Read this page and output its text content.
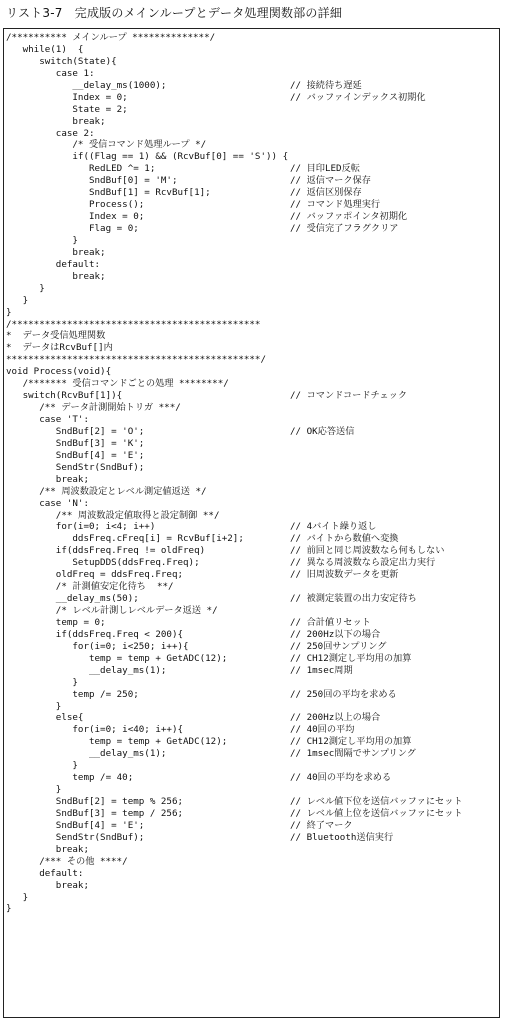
リスト3-7　完成版のメインループとデータ処理関数部の詳細
/********** メインループ **************/
while(1)  {
switch(State){
case 1:
__delay_ms(1000);	// 接続待ち遅延
Index = 0;	// バッファインデックス初期化
State = 2;
break;
case 2:
/* 受信コマンド処理ループ */
if((Flag == 1) && (RcvBuf[0] == 'S')) {
RedLED ^= 1;	// 目印LED反転
SndBuf[0] = 'M';	// 返信マーク保存
SndBuf[1] = RcvBuf[1];	// 返信区別保存
Process();	// コマンド処理実行
Index = 0;	// バッファポインタ初期化
Flag = 0;	// 受信完了フラグクリア
}
break;
default:
break;
}
}
}
/*********************************************
*  データ受信処理関数
*  データはRcvBuf[]内
**********************************************/
void Process(void){
/******* 受信コマンドごとの処理 ********/
switch(RcvBuf[1]){	// コマンドコードチェック
/** データ計測開始トリガ ***/
case 'T':
SndBuf[2] = 'O';	// OK応答送信
SndBuf[3] = 'K';
SndBuf[4] = 'E';
SendStr(SndBuf);
break;
/** 周波数設定とレベル測定値返送 */
case 'N':
/** 周波数設定値取得と設定制御 **/
for(i=0; i<4; i++)	// 4バイト繰り返し
ddsFreq.cFreq[i] = RcvBuf[i+2];	// バイトから数値へ変換
if(ddsFreq.Freq != oldFreq)	// 前回と同じ周波数なら何もしない
SetupDDS(ddsFreq.Freq);	// 異なる周波数なら設定出力実行
oldFreq = ddsFreq.Freq;	// 旧周波数データを更新
/* 計測値安定化待ち  **/
__delay_ms(50);	// 被測定装置の出力安定待ち
/* レベル計測しレベルデータ返送 */
temp = 0;	// 合計値リセット
if(ddsFreq.Freq < 200){	// 200Hz以下の場合
for(i=0; i<250; i++){	// 250回サンプリング
temp = temp + GetADC(12);	// CH12測定し平均用の加算
__delay_ms(1);	// 1msec周期
}
temp /= 250;	// 250回の平均を求める
}
else{	// 200Hz以上の場合
for(i=0; i<40; i++){	// 40回の平均
temp = temp + GetADC(12);	// CH12測定し平均用の加算
__delay_ms(1);	// 1msec間隔でサンプリング
}
temp /= 40;	// 40回の平均を求める
}
SndBuf[2] = temp % 256;	// レベル値下位を送信バッファにセット
SndBuf[3] = temp / 256;	// レベル値上位を送信バッファにセット
SndBuf[4] = 'E';	// 終了マーク
SendStr(SndBuf);	// Bluetooth送信実行
break;
/*** その他 ****/
default:
break;
}
}
